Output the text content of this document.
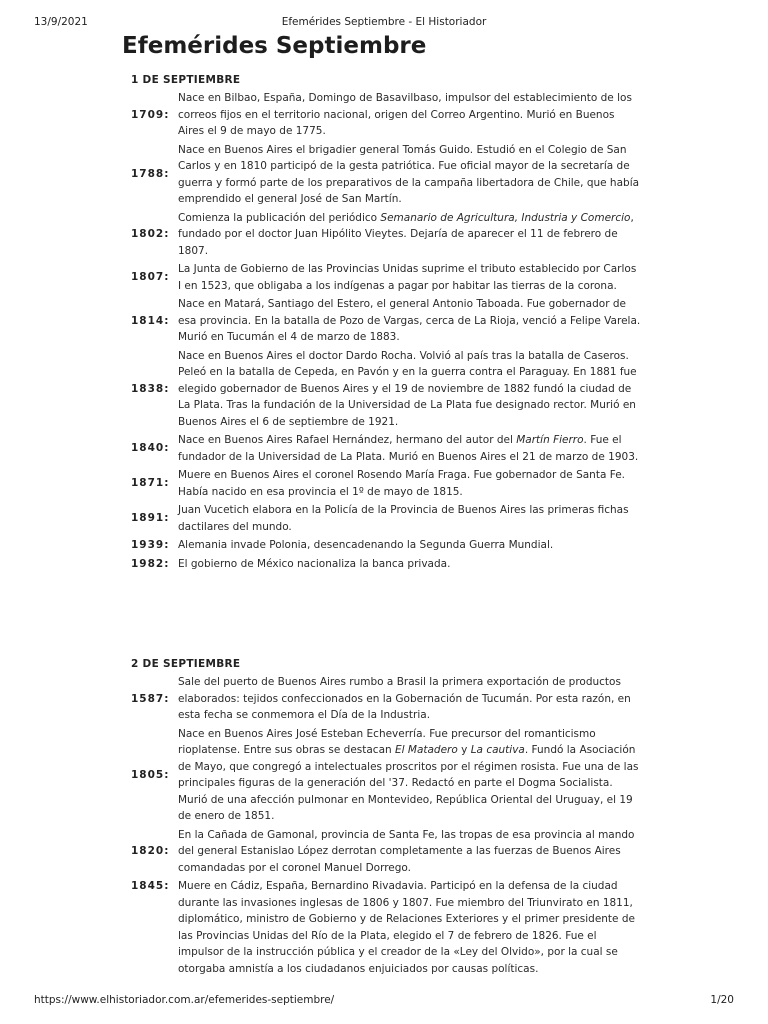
13/9/2021	Efemérides Septiembre - El Historiador
Efemérides Septiembre
1 DE SEPTIEMBRE
1709:
Nace en Bilbao, España, Domingo de Basavilbaso, impulsor del establecimiento de los correos fijos en el territorio nacional, origen del Correo Argentino. Murió en Buenos Aires el 9 de mayo de 1775.
1788:
Nace en Buenos Aires el brigadier general Tomás Guido. Estudió en el Colegio de San Carlos y en 1810 participó de la gesta patriótica. Fue oficial mayor de la secretaría de guerra y formó parte de los preparativos de la campaña libertadora de Chile, que había emprendido el general José de San Martín.
1802:
Comienza la publicación del periódico Semanario de Agricultura, Industria y Comercio, fundado por el doctor Juan Hipólito Vieytes. Dejaría de aparecer el 11 de febrero de 1807.
1807:
La Junta de Gobierno de las Provincias Unidas suprime el tributo establecido por Carlos I en 1523, que obligaba a los indígenas a pagar por habitar las tierras de la corona.
1814:
Nace en Matará, Santiago del Estero, el general Antonio Taboada. Fue gobernador de esa provincia. En la batalla de Pozo de Vargas, cerca de La Rioja, venció a Felipe Varela. Murió en Tucumán el 4 de marzo de 1883.
1838:
Nace en Buenos Aires el doctor Dardo Rocha. Volvió al país tras la batalla de Caseros. Peleó en la batalla de Cepeda, en Pavón y en la guerra contra el Paraguay. En 1881 fue elegido gobernador de Buenos Aires y el 19 de noviembre de 1882 fundó la ciudad de La Plata. Tras la fundación de la Universidad de La Plata fue designado rector. Murió en Buenos Aires el 6 de septiembre de 1921.
1840:
Nace en Buenos Aires Rafael Hernández, hermano del autor del Martín Fierro. Fue el fundador de la Universidad de La Plata. Murió en Buenos Aires el 21 de marzo de 1903.
1871:
Muere en Buenos Aires el coronel Rosendo María Fraga. Fue gobernador de Santa Fe. Había nacido en esa provincia el 1º de mayo de 1815.
1891:
Juan Vucetich elabora en la Policía de la Provincia de Buenos Aires las primeras fichas dactilares del mundo.
1939: Alemania invade Polonia, desencadenando la Segunda Guerra Mundial.
1982: El gobierno de México nacionaliza la banca privada.
2 DE SEPTIEMBRE
1587:
Sale del puerto de Buenos Aires rumbo a Brasil la primera exportación de productos elaborados: tejidos confeccionados en la Gobernación de Tucumán. Por esta razón, en esta fecha se conmemora el Día de la Industria.
1805:
Nace en Buenos Aires José Esteban Echeverría. Fue precursor del romanticismo rioplatense. Entre sus obras se destacan El Matadero y La cautiva. Fundó la Asociación de Mayo, que congregó a intelectuales proscritos por el régimen rosista. Fue una de las principales figuras de la generación del '37. Redactó en parte el Dogma Socialista. Murió de una afección pulmonar en Montevideo, República Oriental del Uruguay, el 19 de enero de 1851.
1820:
En la Cañada de Gamonal, provincia de Santa Fe, las tropas de esa provincia al mando del general Estanislao López derrotan completamente a las fuerzas de Buenos Aires comandadas por el coronel Manuel Dorrego.
1845: Muere en Cádiz, España, Bernardino Rivadavia. Participó en la defensa de la ciudad durante las invasiones inglesas de 1806 y 1807. Fue miembro del Triunvirato en 1811, diplomático, ministro de Gobierno y de Relaciones Exteriores y el primer presidente de las Provincias Unidas del Río de la Plata, elegido el 7 de febrero de 1826. Fue el impulsor de la instrucción pública y el creador de la «Ley del Olvido», por la cual se otorgaba amnistía a los ciudadanos enjuiciados por causas políticas.
https://www.elhistoriador.com.ar/efemerides-septiembre/	1/20
